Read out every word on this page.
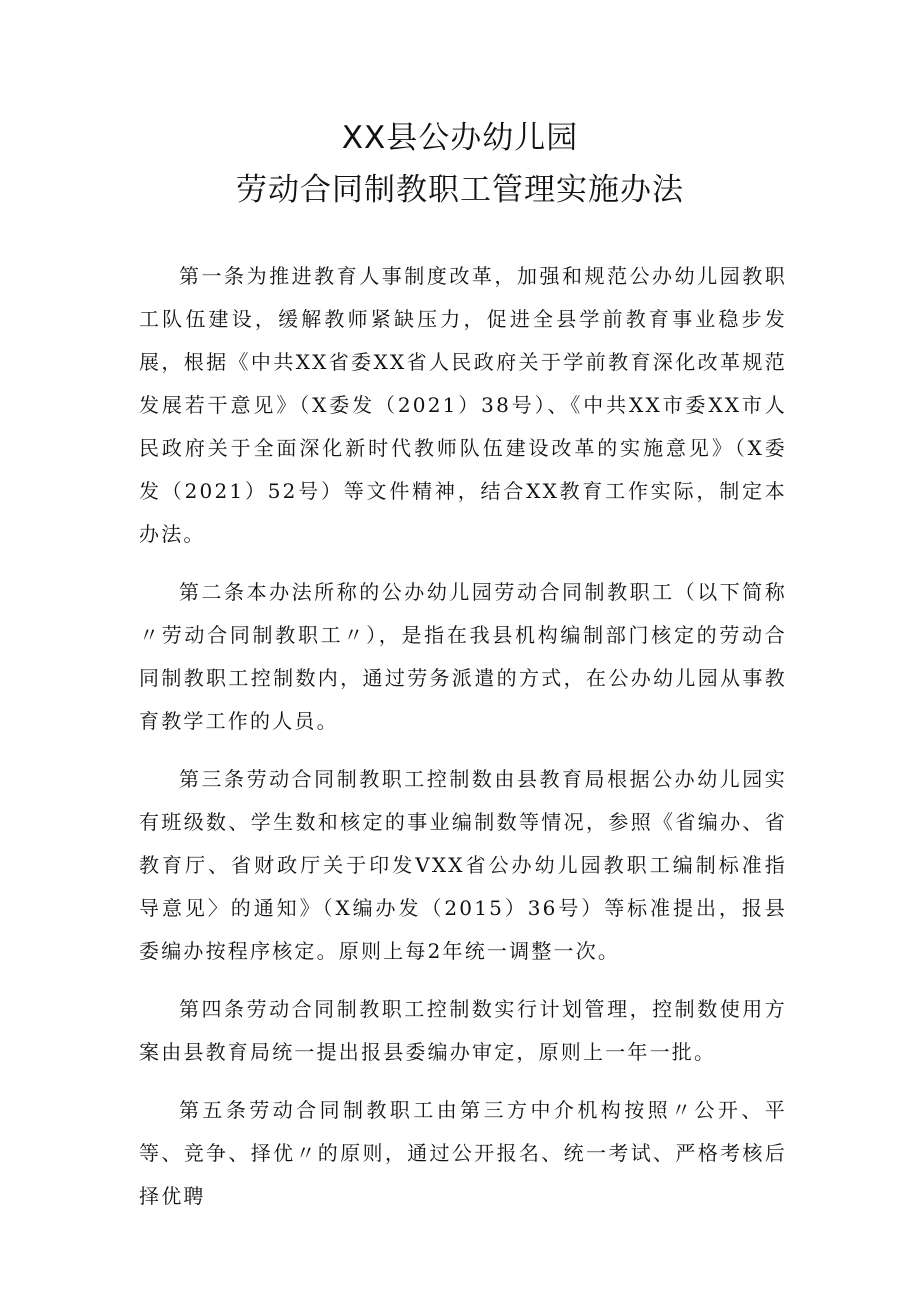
XX县公办幼儿园
劳动合同制教职工管理实施办法

第一条为推进教育人事制度改革，加强和规范公办幼儿园教职工队伍建设，缓解教师紧缺压力，促进全县学前教育事业稳步发展，根据《中共XX省委XX省人民政府关于学前教育深化改革规范发展若干意见》（X委发（2021）38号）、《中共XX市委XX市人民政府关于全面深化新时代教师队伍建设改革的实施意见》（X委发（2021）52号）等文件精神，结合XX教育工作实际，制定本办法。

第二条本办法所称的公办幼儿园劳动合同制教职工（以下简称〃劳动合同制教职工〃），是指在我县机构编制部门核定的劳动合同制教职工控制数内，通过劳务派遣的方式，在公办幼儿园从事教育教学工作的人员。

第三条劳动合同制教职工控制数由县教育局根据公办幼儿园实有班级数、学生数和核定的事业编制数等情况，参照《省编办、省教育厅、省财政厅关于印发VXX省公办幼儿园教职工编制标准指导意见〉的通知》（X编办发（2015）36号）等标准提出，报县委编办按程序核定。原则上每2年统一调整一次。

第四条劳动合同制教职工控制数实行计划管理，控制数使用方案由县教育局统一提出报县委编办审定，原则上一年一批。

第五条劳动合同制教职工由第三方中介机构按照〃公开、平等、竞争、择优〃的原则，通过公开报名、统一考试、严格考核后择优聘
